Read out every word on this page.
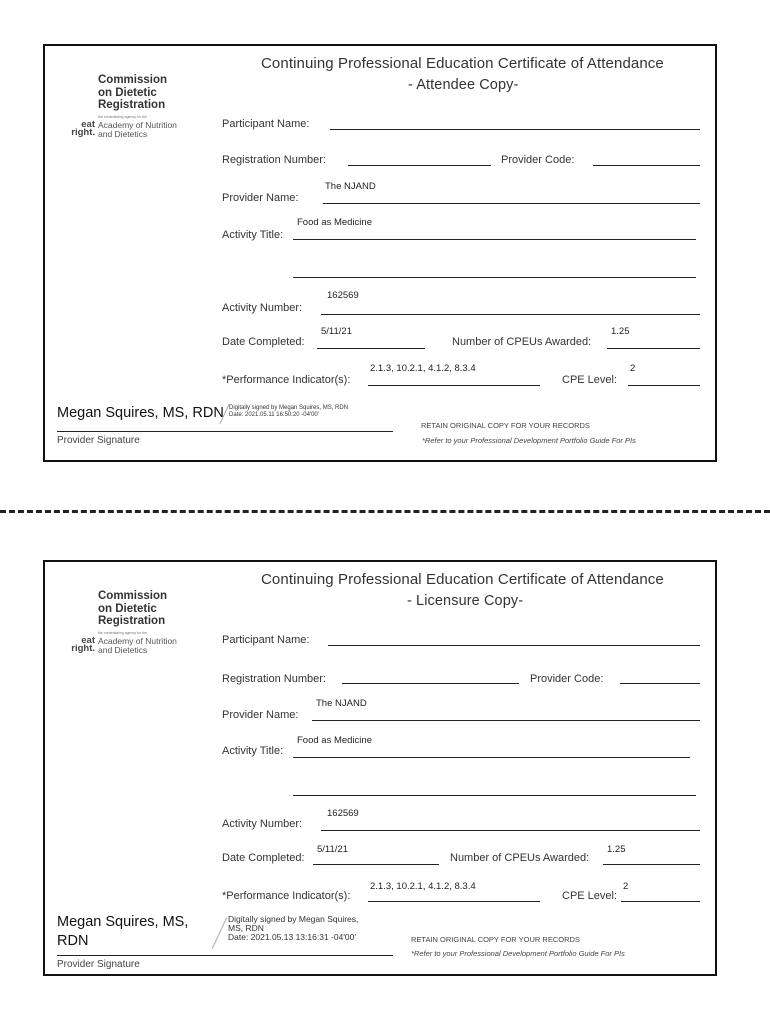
Commission
on Dietetic
Registration
the credentialing agency for the
eat
right.
Academy of Nutrition
and Dietetics
Continuing Professional Education Certificate of Attendance
- Attendee Copy-
Participant Name:
Registration Number:	Provider Code:
Provider Name:
The NJAND
Activity Title:
Food as Medicine
Activity Number:
162569
Date Completed:
5/11/21
Number of CPEUs Awarded:
1.25
*Performance Indicator(s):
2.1.3, 10.2.1, 4.1.2, 8.3.4
CPE Level:
2
Megan Squires, MS, RDN Digitally signed by Megan Squires, MS, RDN
Date: 2021.05.11 16:50:20 -04'00'
Provider Signature
RETAIN ORIGINAL COPY FOR YOUR RECORDS
*Refer to your Professional Development Portfolio Guide For PIs
Commission
on Dietetic
Registration
the credentialing agency for the
eat
right.
Academy of Nutrition
and Dietetics
Continuing Professional Education Certificate of Attendance
- Licensure Copy-
Participant Name:
Registration Number:	Provider Code:
Provider Name:
The NJAND
Activity Title:
Food as Medicine
Activity Number:
162569
Date Completed:
5/11/21
Number of CPEUs Awarded:
1.25
*Performance Indicator(s):
2.1.3, 10.2.1, 4.1.2, 8.3.4
CPE Level:
2
Megan Squires, MS,
RDN
Digitally signed by Megan Squires,
MS, RDN
Date: 2021.05.13 13:16:31 -04'00'
Provider Signature
RETAIN ORIGINAL COPY FOR YOUR RECORDS
*Refer to your Professional Development Portfolio Guide For PIs
